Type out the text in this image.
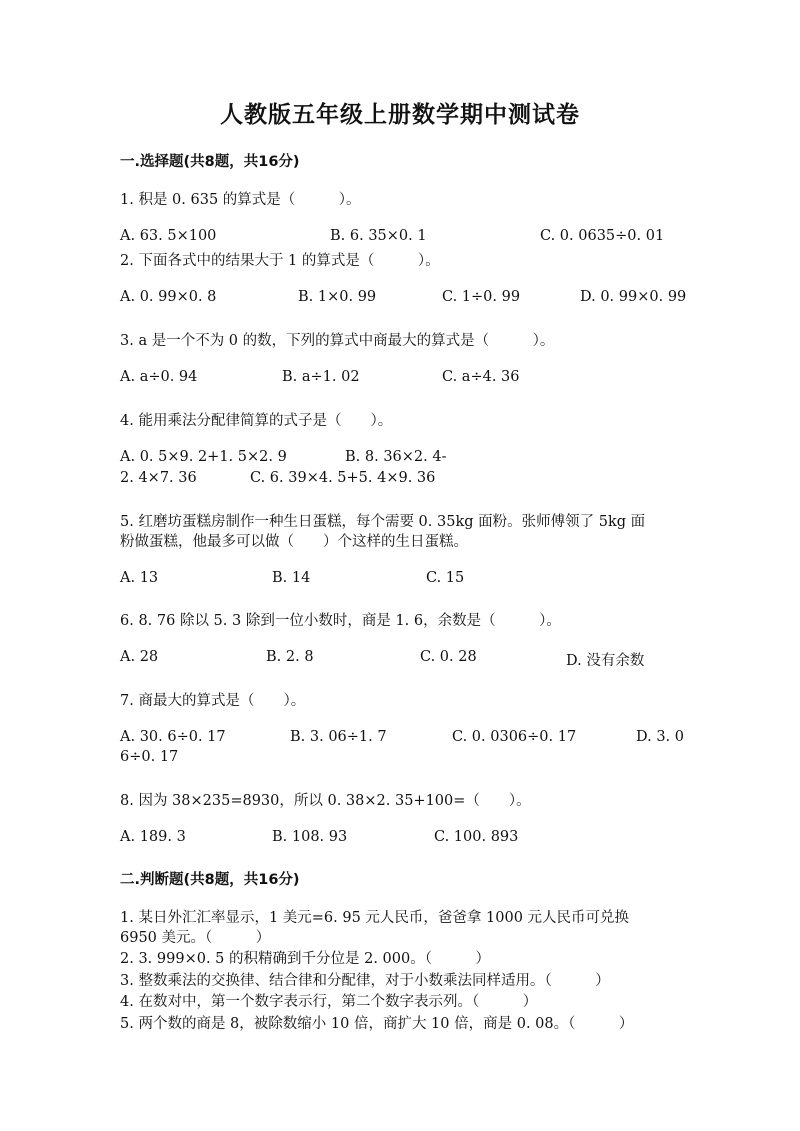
人教版五年级上册数学期中测试卷
一.选择题(共8题，共16分)
1. 积是 0. 635 的算式是（　　　）。
A. 63. 5×100	B. 6. 35×0. 1	C. 0. 0635÷0. 01
2. 下面各式中的结果大于 1 的算式是（　　　）。
A. 0. 99×0. 8	B. 1×0. 99	C. 1÷0. 99	D. 0. 99×0. 99
3. a 是一个不为 0 的数，下列的算式中商最大的算式是（　　　）。
A. a÷0. 94	B. a÷1. 02	C. a÷4. 36
4. 能用乘法分配律简算的式子是（　　）。
A. 0. 5×9. 2+1. 5×2. 9	B. 8. 36×2. 4-
2. 4×7. 36	C. 6. 39×4. 5+5. 4×9. 36
5. 红磨坊蛋糕房制作一种生日蛋糕，每个需要 0. 35kg 面粉。张师傅领了 5kg 面
粉做蛋糕，他最多可以做（　　）个这样的生日蛋糕。
A. 13	B. 14	C. 15
6. 8. 76 除以 5. 3 除到一位小数时，商是 1. 6，余数是（　　　）。
A. 28	B. 2. 8	C. 0. 28	D. 没有余数
7. 商最大的算式是（　　）。
A. 30. 6÷0. 17	B. 3. 06÷1. 7	C. 0. 0306÷0. 17	D. 3. 0
6÷0. 17
8. 因为 38×235=8930，所以 0. 38×2. 35+100=（　　）。
A. 189. 3	B. 108. 93	C. 100. 893
二.判断题(共8题，共16分)
1. 某日外汇汇率显示，1 美元=6. 95 元人民币，爸爸拿 1000 元人民币可兑换
6950 美元。（　　　）
2. 3. 999×0. 5 的积精确到千分位是 2. 000。（　　　）
3. 整数乘法的交换律、结合律和分配律，对于小数乘法同样适用。（　　　）
4. 在数对中，第一个数字表示行，第二个数字表示列。（　　　）
5. 两个数的商是 8，被除数缩小 10 倍，商扩大 10 倍，商是 0. 08。（　　　）
